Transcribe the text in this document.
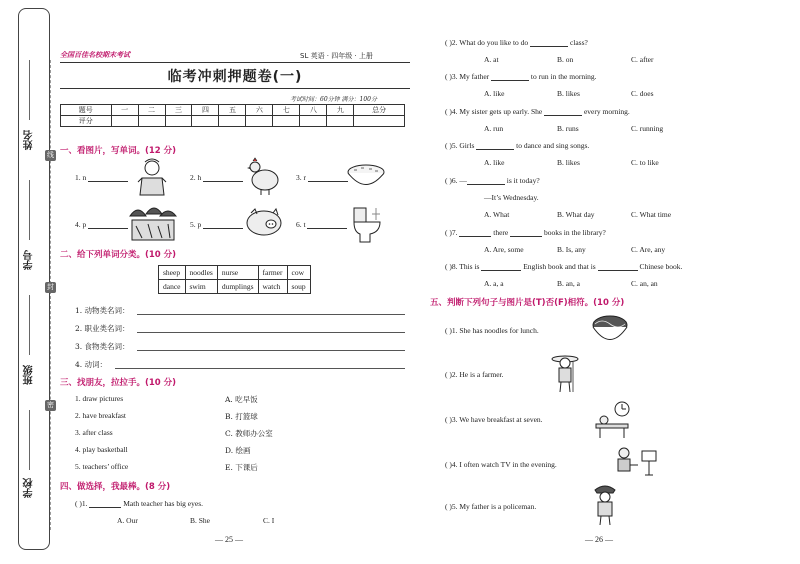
姓名
学号
班级
学校
线
封
密
全国百佳名校期末考试	SL 英语 · 四年级 · 上册
临考冲刺押题卷(一)
考试时间：60分钟 满分：100分
题号	一	二	三	四	五	六	七	八	九	总分
评分										
一、看图片，写单词。(12 分)
1. n	2. h	3. r
4. p	5. p	6. t
二、给下列单词分类。(10 分)
sheep	noodles	nurse	farmer	cow
dance	swim	dumplings	watch	soup
1. 动物类名词：
2. 职业类名词：
3. 食物类名词：
4. 动词：
三、找朋友，拉拉手。(10 分)
1. draw pictures
2. have breakfast
3. after class
4. play basketball
5. teachers’ office
A. 吃早饭
B. 打篮球
C. 教师办公室
D. 绘画
E. 下课后
四、做选择，我最棒。(8 分)
( )1.	Math teacher has big eyes.
A. Our	B. She	C. I
— 25 —
( )2. What do you like to do	class?
A. at	B. on	C. after
( )3. My father	to run in the morning.
A. like	B. likes	C. does
( )4. My sister gets up early. She	every morning.
A. run	B. runs	C. running
( )5. Girls	to dance and sing songs.
A. like	B. likes	C. to like
( )6. —	is it today?
—It’s Wednesday.
A. What	B. What day	C. What time
( )7.	there	books in the library?
A. Are, some	B. Is, any	C. Are, any
( )8. This is	English book and that is	Chinese book.
A. a, a	B. an, a	C. an, an
五、判断下列句子与图片是(T)否(F)相符。(10 分)
( )1. She has noodles for lunch.
( )2. He is a farmer.
( )3. We have breakfast at seven.
( )4. I often watch TV in the evening.
( )5. My father is a policeman.
— 26 —
